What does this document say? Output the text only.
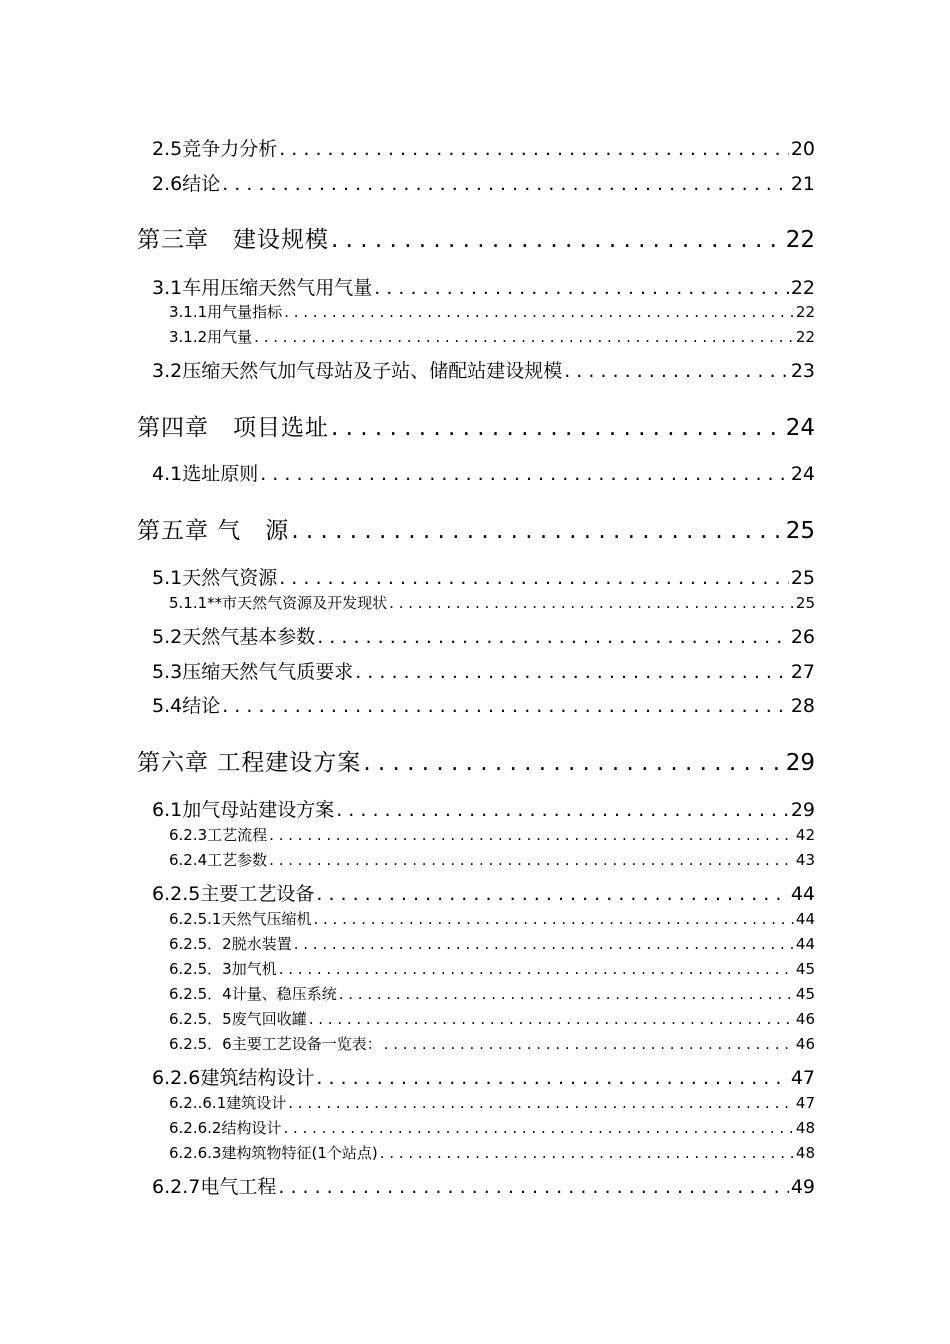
2.5竞争力分析 . . .	20
2.6结论 . . .	21
第三章　建设规模 . . .	22
3.1车用压缩天然气用气量 . . .	22
3.1.1用气量指标 . . .	22
3.1.2用气量 . . .	22
3.2压缩天然气加气母站及子站、储配站建设规模 . . .	23
第四章　项目选址 . . .	24
4.1选址原则 . . .	24
第五章 气　源 . . .	25
5.1天然气资源 . . .	25
5.1.1**市天然气资源及开发现状 . . .	25
5.2天然气基本参数 . . .	26
5.3压缩天然气气质要求 . . .	27
5.4结论 . . .	28
第六章 工程建设方案 . . .	29
6.1加气母站建设方案 . . .	29
6.2.3工艺流程 . . .	42
6.2.4工艺参数 . . .	43
6.2.5主要工艺设备 . . .	44
6.2.5.1天然气压缩机 . . .	44
6.2.5．2脱水装置 . . .	44
6.2.5．3加气机 . . .	45
6.2.5．4计量、稳压系统 . . .	45
6.2.5．5废气回收罐 . . .	46
6.2.5．6主要工艺设备一览表： . . .	46
6.2.6建筑结构设计 . . .	47
6.2..6.1建筑设计 . . .	47
6.2.6.2结构设计 . . .	48
6.2.6.3建构筑物特征(1个站点) . . .	48
6.2.7电气工程 . . .	49
